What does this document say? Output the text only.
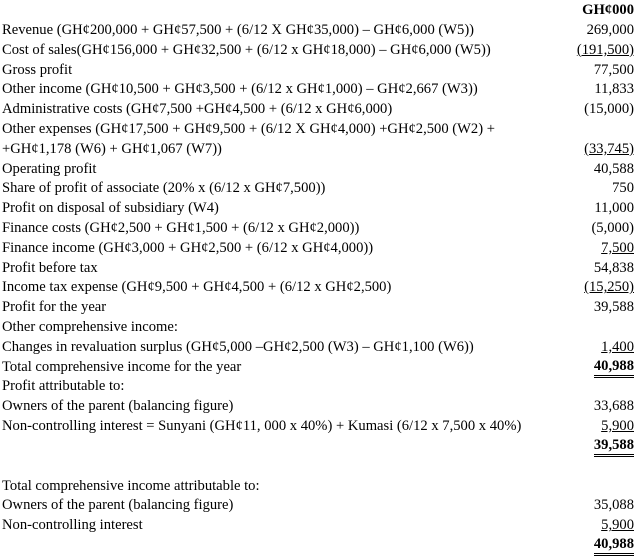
GH¢000
Revenue (GH¢200,000 + GH¢57,500 + (6/12 X GH¢35,000) – GH¢6,000 (W5))	269,000
Cost of sales(GH¢156,000 + GH¢32,500 + (6/12 x GH¢18,000) – GH¢6,000 (W5))	(191,500)
Gross profit	77,500
Other income (GH¢10,500 + GH¢3,500 + (6/12 x GH¢1,000) – GH¢2,667 (W3))	11,833
Administrative costs (GH¢7,500 +GH¢4,500 + (6/12 x GH¢6,000)	(15,000)
Other expenses (GH¢17,500 + GH¢9,500 + (6/12 X GH¢4,000) +GH¢2,500 (W2) + +GH¢1,178 (W6) + GH¢1,067 (W7))	(33,745)
Operating profit	40,588
Share of profit of associate (20% x (6/12 x GH¢7,500))	750
Profit on disposal of subsidiary (W4)	11,000
Finance costs (GH¢2,500 + GH¢1,500 + (6/12 x GH¢2,000))	(5,000)
Finance income (GH¢3,000 + GH¢2,500 + (6/12 x GH¢4,000))	7,500
Profit before tax	54,838
Income tax expense (GH¢9,500 + GH¢4,500 + (6/12 x GH¢2,500)	(15,250)
Profit for the year	39,588
Other comprehensive income:
Changes in revaluation surplus (GH¢5,000 –GH¢2,500 (W3) – GH¢1,100 (W6))	1,400
Total comprehensive income for the year	40,988
Profit attributable to:
Owners of the parent (balancing figure)	33,688
Non-controlling interest = Sunyani (GH¢11, 000 x 40%) + Kumasi (6/12 x 7,500 x 40%)	5,900
39,588
Total comprehensive income attributable to:
Owners of the parent (balancing figure)	35,088
Non-controlling interest	5,900
40,988
